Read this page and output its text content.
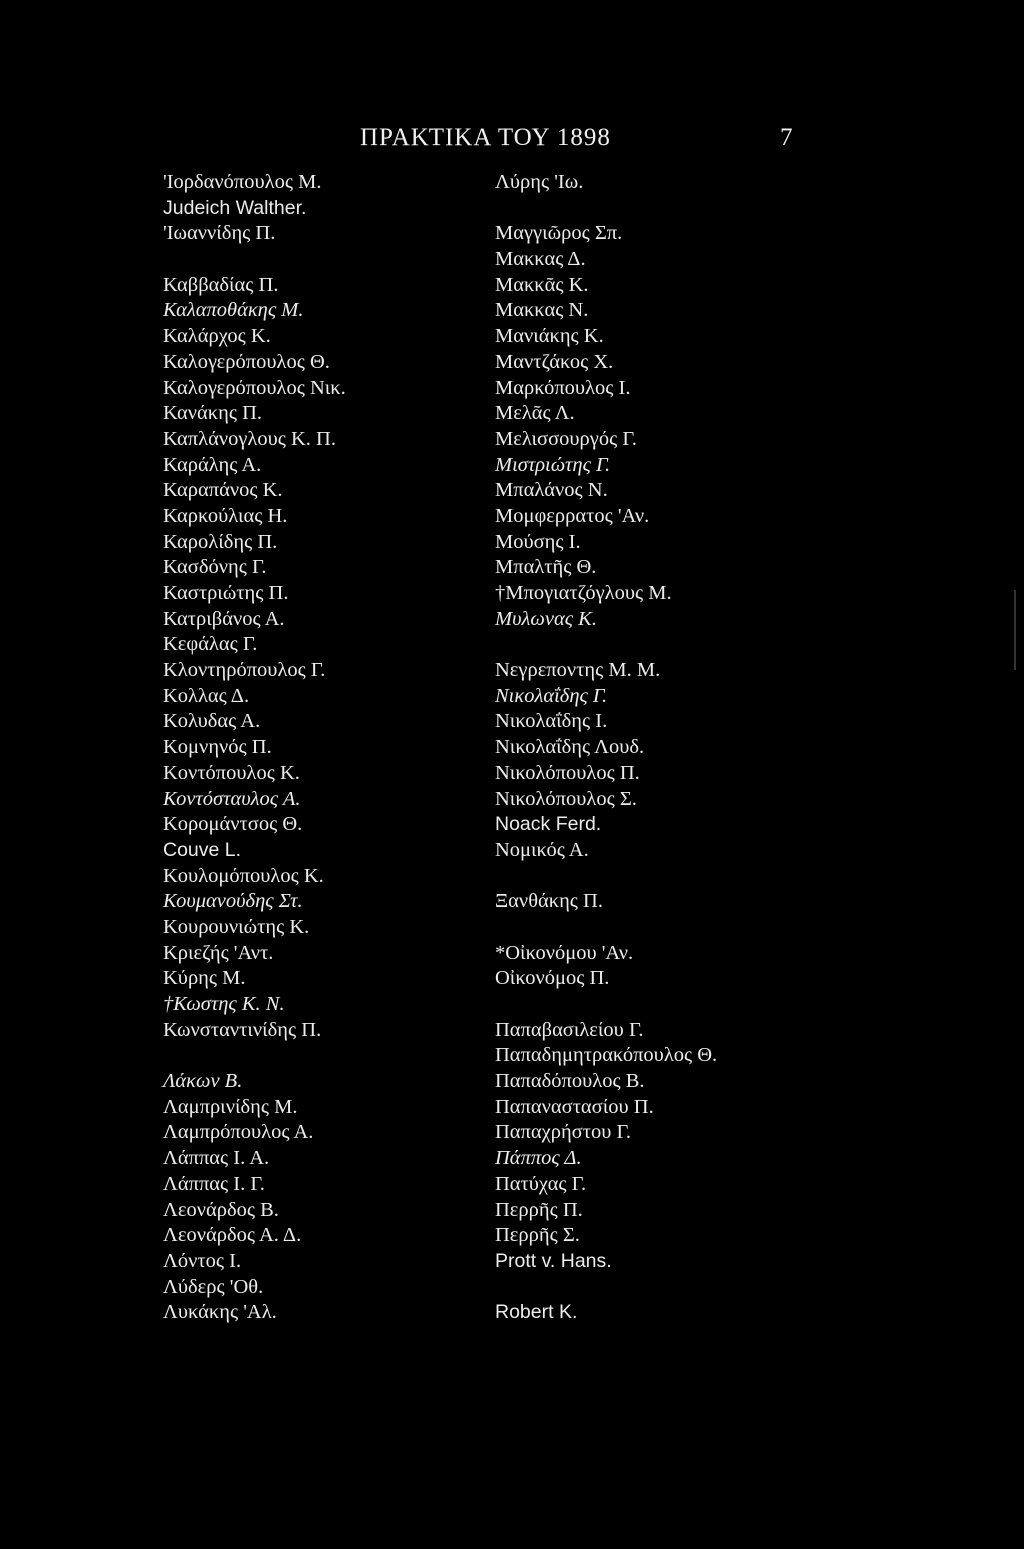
ΠΡΑΚΤΙΚΑ ΤΟΥ 1898	7
'Ιορδανόπουλος Μ.
Judeich Walther.
'Ιωαννίδης Π.
Καββαδίας Π.
Καλαποθάκης Μ.
Καλάρχος Κ.
Καλογερόπουλος Θ.
Καλογερόπουλος Νικ.
Κανάκης Π.
Καπλάνογλους Κ. Π.
Καράλης Α.
Καραπάνος Κ.
Καρκούλιας Η.
Καρολίδης Π.
Κασδόνης Γ.
Καστριώτης Π.
Κατριβάνος Α.
Κεφάλας Γ.
Κλοντηρόπουλος Γ.
Κολλας Δ.
Κολυδας Α.
Κομνηνός Π.
Κοντόπουλος Κ.
Κοντόσταυλος Α.
Κορομάντσος Θ.
Couve L.
Κουλομόπουλος Κ.
Κουμανούδης Στ.
Κουρουνιώτης Κ.
Κριεζής 'Αντ.
Κύρης Μ.
†Κωστης Κ. Ν.
Κωνσταντινίδης Π.
Λάκων Β.
Λαμπρινίδης Μ.
Λαμπρόπουλος Α.
Λάππας Ι. Α.
Λάππας Ι. Γ.
Λεονάρδος Β.
Λεονάρδος Α. Δ.
Λόντος Ι.
Λύδερς 'Οθ.
Λυκάκης 'Αλ.
Λύρης 'Ιω.
Μαγγιῶρος Σπ.
Μακκας Δ.
Μακκᾶς Κ.
Μακκας Ν.
Μανιάκης Κ.
Μαντζάκος Χ.
Μαρκόπουλος Ι.
Μελᾶς Λ.
Μελισσουργός Γ.
Μιστριώτης Γ.
Μπαλάνος Ν.
Μομφερρατος 'Αν.
Μούσης Ι.
Μπαλτῆς Θ.
†Μπογιατζόγλους Μ.
Μυλωνας Κ.
Νεγρεποντης Μ. Μ.
Νικολαΐδης Γ.
Νικολαΐδης Ι.
Νικολαΐδης Λουδ.
Νικολόπουλος Π.
Νικολόπουλος Σ.
Noack Ferd.
Νομικός Α.
Ξανθάκης Π.
*Οἰκονόμου 'Αν.
Οἰκονόμος Π.
Παπαβασιλείου Γ.
Παπαδημητρακόπουλος Θ.
Παπαδόπουλος Β.
Παπαναστασίου Π.
Παπαχρήστου Γ.
Πάππος Δ.
Πατύχας Γ.
Περρῆς Π.
Περρῆς Σ.
Prott v. Hans.
Robert K.
